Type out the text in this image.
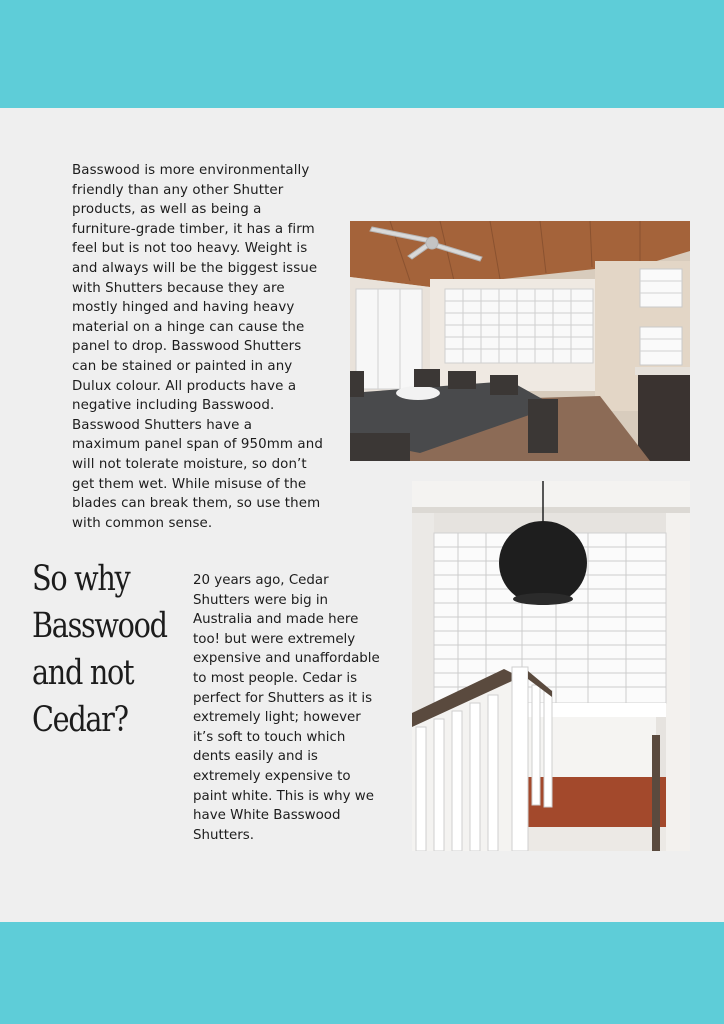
Basswood is more environmentally friendly than any other Shutter products, as well as being a furniture-grade timber, it has a firm feel but is not too heavy. Weight is and always will be the biggest issue with Shutters because they are mostly hinged and having heavy material on a hinge can cause the panel to drop. Basswood Shutters can be stained or painted in any Dulux colour. All products have a negative including Basswood. Basswood Shutters have a maximum panel span of 950mm and will not tolerate moisture, so don’t get them wet. While misuse of the blades can break them, so use them with common sense.

So why
Basswood
and not
Cedar?

20 years ago, Cedar Shutters were big in Australia and made here too! but were extremely expensive and unaffordable to most people. Cedar is perfect for Shutters as it is extremely light; however it’s soft to touch which dents easily and is extremely expensive to paint white. This is why we have White Basswood Shutters.
